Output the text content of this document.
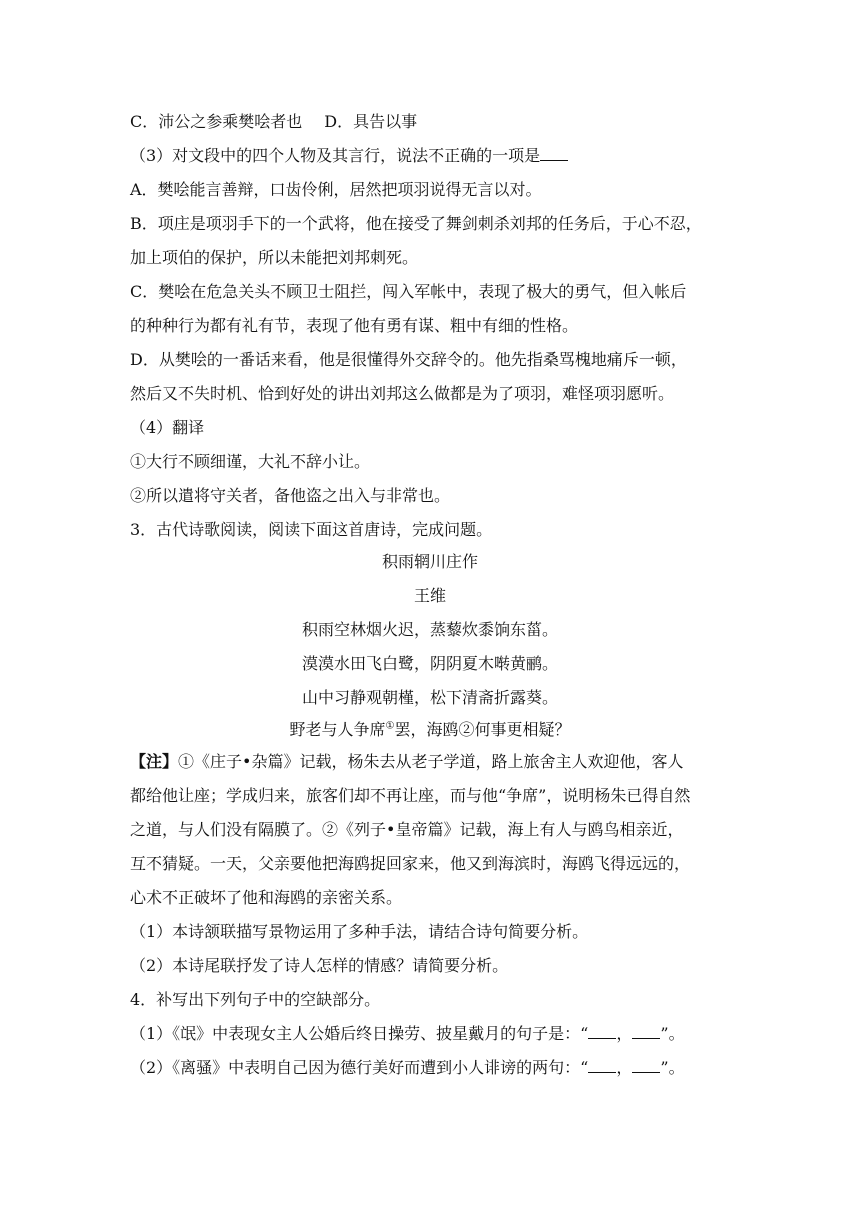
C．沛公之参乘樊哙者也 D．具告以事
（3）对文段中的四个人物及其言行，说法不正确的一项是
A．樊哙能言善辩，口齿伶俐，居然把项羽说得无言以对。
B．项庄是项羽手下的一个武将，他在接受了舞剑刺杀刘邦的任务后，于心不忍，
加上项伯的保护，所以未能把刘邦刺死。
的种种行为都有礼有节，表现了他有勇有谋、粗中有细的性格。
C．樊哙在危急关头不顾卫士阻拦，闯入军帐中，表现了极大的勇气，但入帐后
D．从樊哙的一番话来看，他是很懂得外交辞令的。他先指桑骂槐地痛斥一顿，
然后又不失时机、恰到好处的讲出刘邦这么做都是为了项羽，难怪项羽愿听。
（4）翻译
①大行不顾细谨，大礼不辞小让。
②所以遣将守关者，备他盗之出入与非常也。
3．古代诗歌阅读，阅读下面这首唐诗，完成问题。
积雨辋川庄作
王维
积雨空林烟火迟，蒸藜炊黍饷东菑。
漠漠水田飞白鹭，阴阴夏木啭黄鹂。
山中习静观朝槿，松下清斋折露葵。
野老与人争席①罢，海鸥②何事更相疑？
【注】①《庄子•杂篇》记载，杨朱去从老子学道，路上旅舍主人欢迎他，客人
都给他让座；学成归来，旅客们却不再让座，而与他“争席”，说明杨朱已得自然
之道，与人们没有隔膜了。②《列子•皇帝篇》记载，海上有人与鸥鸟相亲近，
互不猜疑。一天，父亲要他把海鸥捉回家来，他又到海滨时，海鸥飞得远远的，
心术不正破坏了他和海鸥的亲密关系。
（1）本诗颔联描写景物运用了多种手法，请结合诗句简要分析。
（2）本诗尾联抒发了诗人怎样的情感？请简要分析。
4．补写出下列句子中的空缺部分。
（1）《氓》中表现女主人公婚后终日操劳、披星戴月的句子是：“ ， ”。
（2）《离骚》中表明自己因为德行美好而遭到小人诽谤的两句：“ ， ”。
